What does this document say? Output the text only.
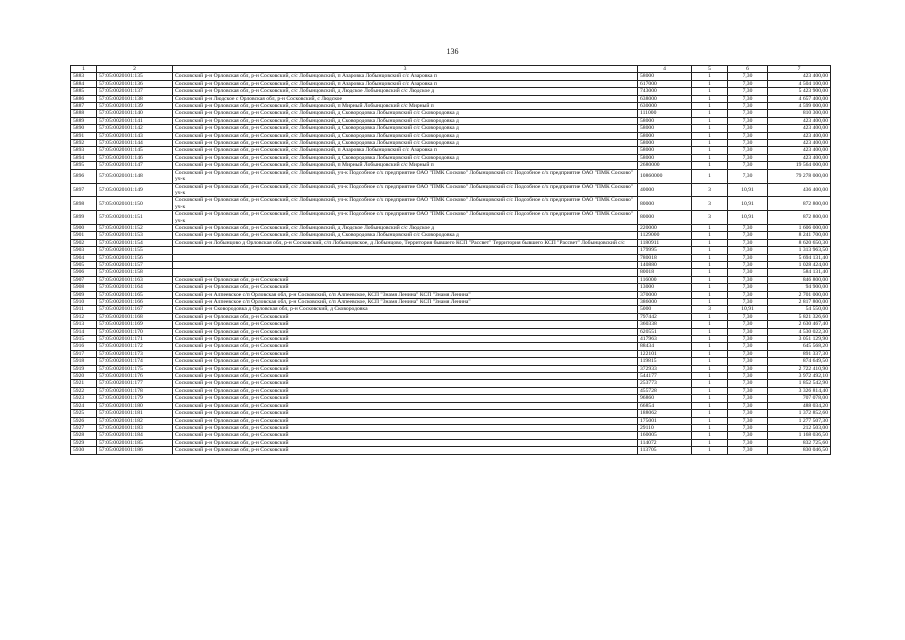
136
1	2	3	4	5	6	7
5883	57:05:0020101:135	Сосковский р-н Орловская обл, р-н Сосковский, с/с Лобынцовский, п Азаровка Лобынцовский с/с Азаровка п	58000	1	7,30	423 400,00
5884	57:05:0020101:136	Сосковский р-н Орловская обл, р-н Сосковский, с/с Лобынцовский, п Азаровка Лобынцовский с/с Азаровка п	617000	1	7,30	4 504 100,00
5885	57:05:0020101:137	Сосковский р-н Орловская обл, р-н Сосковский, с/с Лобынцовский, д Людское Лобынцовский с/с Людское д	743000	1	7,30	5 423 900,00
5886	57:05:0020101:138	Сосковский р-н Людское с Орловская обл, р-н Сосковский, с Людское	638000	1	7,30	4 657 400,00
5887	57:05:0020101:139	Сосковский р-н Орловская обл, р-н Сосковский, с/с Лобынцовский, п Мирный Лобынцовский с/с Мирный п	630000	1	7,30	4 599 000,00
5888	57:05:0020101:140	Сосковский р-н Орловская обл, р-н Сосковский, с/с Лобынцовский, д Сковородовка Лобынцовский с/с Сковородовка д	111000	1	7,30	810 300,00
5889	57:05:0020101:141	Сосковский р-н Орловская обл, р-н Сосковский, с/с Лобынцовский, д Сковородовка Лобынцовский с/с Сковородовка д	58000	1	7,30	423 400,00
5890	57:05:0020101:142	Сосковский р-н Орловская обл, р-н Сосковский, с/с Лобынцовский, д Сковородовка Лобынцовский с/с Сковородовка д	58000	1	7,30	423 400,00
5891	57:05:0020101:143	Сосковский р-н Орловская обл, р-н Сосковский, с/с Лобынцовский, д Сковородовка Лобынцовский с/с Сковородовка д	58000	1	7,30	423 400,00
5892	57:05:0020101:144	Сосковский р-н Орловская обл, р-н Сосковский, с/с Лобынцовский, д Сковородовка Лобынцовский с/с Сковородовка д	58000	1	7,30	423 400,00
5893	57:05:0020101:145	Сосковский р-н Орловская обл, р-н Сосковский, с/с Лобынцовский, п Азаровка Лобынцовский с/с Азаровка п	58000	1	7,30	423 400,00
5894	57:05:0020101:146	Сосковский р-н Орловская обл, р-н Сосковский, с/с Лобынцовский, д Сковородовка Лобынцовский с/с Сковородовка д	58000	1	7,30	423 400,00
5895	57:05:0020101:147	Сосковский р-н Орловская обл, р-н Сосковский, с/с Лобынцовский, п Мирный Лобынцовский с/с Мирный п	2680000	1	7,30	19 564 000,00
5896	57:05:0020101:148	Сосковский р-н Орловская обл, р-н Сосковский, с/с Лобынцовский, уч-к Подсобное с/х предприятие ОАО "ПМК Сосково" Лобынцовский с/с Подсобное с/х предприятие ОАО "ПМК Сосково" уч-к	10860000	1	7,30	79 278 000,00
5897	57:05:0020101:149	Сосковский р-н Орловская обл, р-н Сосковский, с/с Лобынцовский, уч-к Подсобное с/х предприятие ОАО "ПМК Сосково" Лобынцовский с/с Подсобное с/х предприятие ОАО "ПМК Сосково" уч-к	40000	3	10,91	436 400,00
5898	57:05:0020101:150	Сосковский р-н Орловская обл, р-н Сосковский, с/с Лобынцовский, уч-к Подсобное с/х предприятие ОАО "ПМК Сосково" Лобынцовский с/с Подсобное с/х предприятие ОАО "ПМК Сосково" уч-к	80000	3	10,91	872 800,00
5899	57:05:0020101:151	Сосковский р-н Орловская обл, р-н Сосковский, с/с Лобынцовский, уч-к Подсобное с/х предприятие ОАО "ПМК Сосково" Лобынцовский с/с Подсобное с/х предприятие ОАО "ПМК Сосково" уч-к	80000	3	10,91	872 800,00
5900	57:05:0020101:152	Сосковский р-н Орловская обл, р-н Сосковский, с/с Лобынцовский, д Людское Лобынцовский с/с Людское д	220000	1	7,30	1 606 000,00
5901	57:05:0020101:153	Сосковский р-н Орловская обл, р-н Сосковский, с/с Лобынцовский, д Сковородовка Лобынцовский с/с Сковородовка д	1129000	1	7,30	8 241 700,00
5902	57:05:0020101:154	Сосковский р-н Лобынцово д Орловская обл, р-н Сосковский, с/п Лобынцовское, д Лобынцово, Территория бывшего КСП "Рассвет" Территория бывшего КСП "Рассвет" Лобынцовский с/с	1180911	1	7,30	8 620 650,30
5903	57:05:0020101:155		179995	1	7,30	1 313 963,50
5904	57:05:0020101:156		780018	1	7,30	5 694 131,40
5905	57:05:0020101:157		140880	1	7,30	1 028 424,00
5906	57:05:0020101:158		80018	1	7,30	584 131,40
5907	57:05:0020101:163	Сосковский р-н Орловская обл, р-н Сосковский	116000	1	7,30	846 800,00
5908	57:05:0020101:164	Сосковский р-н Орловская обл, р-н Сосковский	13000	1	7,30	94 900,00
5909	57:05:0020101:165	Сосковский р-н Алпеевское с/п Орловская обл, р-н Сосковский, с/п Алпеевское, КСП "Знамя Ленина" КСП "Знамя Ленина"	370000	1	7,30	2 701 000,00
5910	57:05:0020101:166	Сосковский р-н Алпеевское с/п Орловская обл, р-н Сосковский, с/п Алпеевское, КСП "Знамя Ленина" КСП "Знамя Ленина"	386000	1	7,30	2 817 800,00
5911	57:05:0020101:167	Сосковский р-н Сковородовка д Орловская обл, р-н Сосковский, д Сковородовка	5000	3	10,91	54 550,00
5912	57:05:0020101:168	Сосковский р-н Орловская обл, р-н Сосковский	797442	1	7,30	5 821 326,60
5913	57:05:0020101:169	Сосковский р-н Орловская обл, р-н Сосковский	360338	1	7,30	2 630 467,40
5914	57:05:0020101:170	Сосковский р-н Орловская обл, р-н Сосковский	620551	1	7,30	4 530 022,30
5915	57:05:0020101:171	Сосковский р-н Орловская обл, р-н Сосковский	417963	1	7,30	3 051 129,90
5916	57:05:0020101:172	Сосковский р-н Орловская обл, р-н Сосковский	88434	1	7,30	645 568,20
5917	57:05:0020101:173	Сосковский р-н Орловская обл, р-н Сосковский	122101	1	7,30	891 337,30
5918	57:05:0020101:174	Сосковский р-н Орловская обл, р-н Сосковский	119815	1	7,30	874 649,50
5919	57:05:0020101:175	Сосковский р-н Орловская обл, р-н Сосковский	372933	1	7,30	2 722 410,90
5920	57:05:0020101:176	Сосковский р-н Орловская обл, р-н Сосковский	544177	1	7,30	3 972 492,10
5921	57:05:0020101:177	Сосковский р-н Орловская обл, р-н Сосковский	253773	1	7,30	1 852 542,90
5922	57:05:0020101:178	Сосковский р-н Орловская обл, р-н Сосковский	455728	1	7,30	3 326 814,40
5923	57:05:0020101:179	Сосковский р-н Орловская обл, р-н Сосковский	96860	1	7,30	707 078,00
5924	57:05:0020101:180	Сосковский р-н Орловская обл, р-н Сосковский	66854	1	7,30	488 034,20
5925	57:05:0020101:181	Сосковский р-н Орловская обл, р-н Сосковский	188062	1	7,30	1 372 852,60
5926	57:05:0020101:182	Сосковский р-н Орловская обл, р-н Сосковский	175001	1	7,30	1 277 507,30
5927	57:05:0020101:183	Сосковский р-н Орловская обл, р-н Сосковский	29110	1	7,30	212 503,00
5928	57:05:0020101:184	Сосковский р-н Орловская обл, р-н Сосковский	160005	1	7,30	1 168 036,50
5929	57:05:0020101:185	Сосковский р-н Орловская обл, р-н Сосковский	114072	1	7,30	832 725,60
5930	57:05:0020101:186	Сосковский р-н Орловская обл, р-н Сосковский	113705	1	7,30	830 046,50
